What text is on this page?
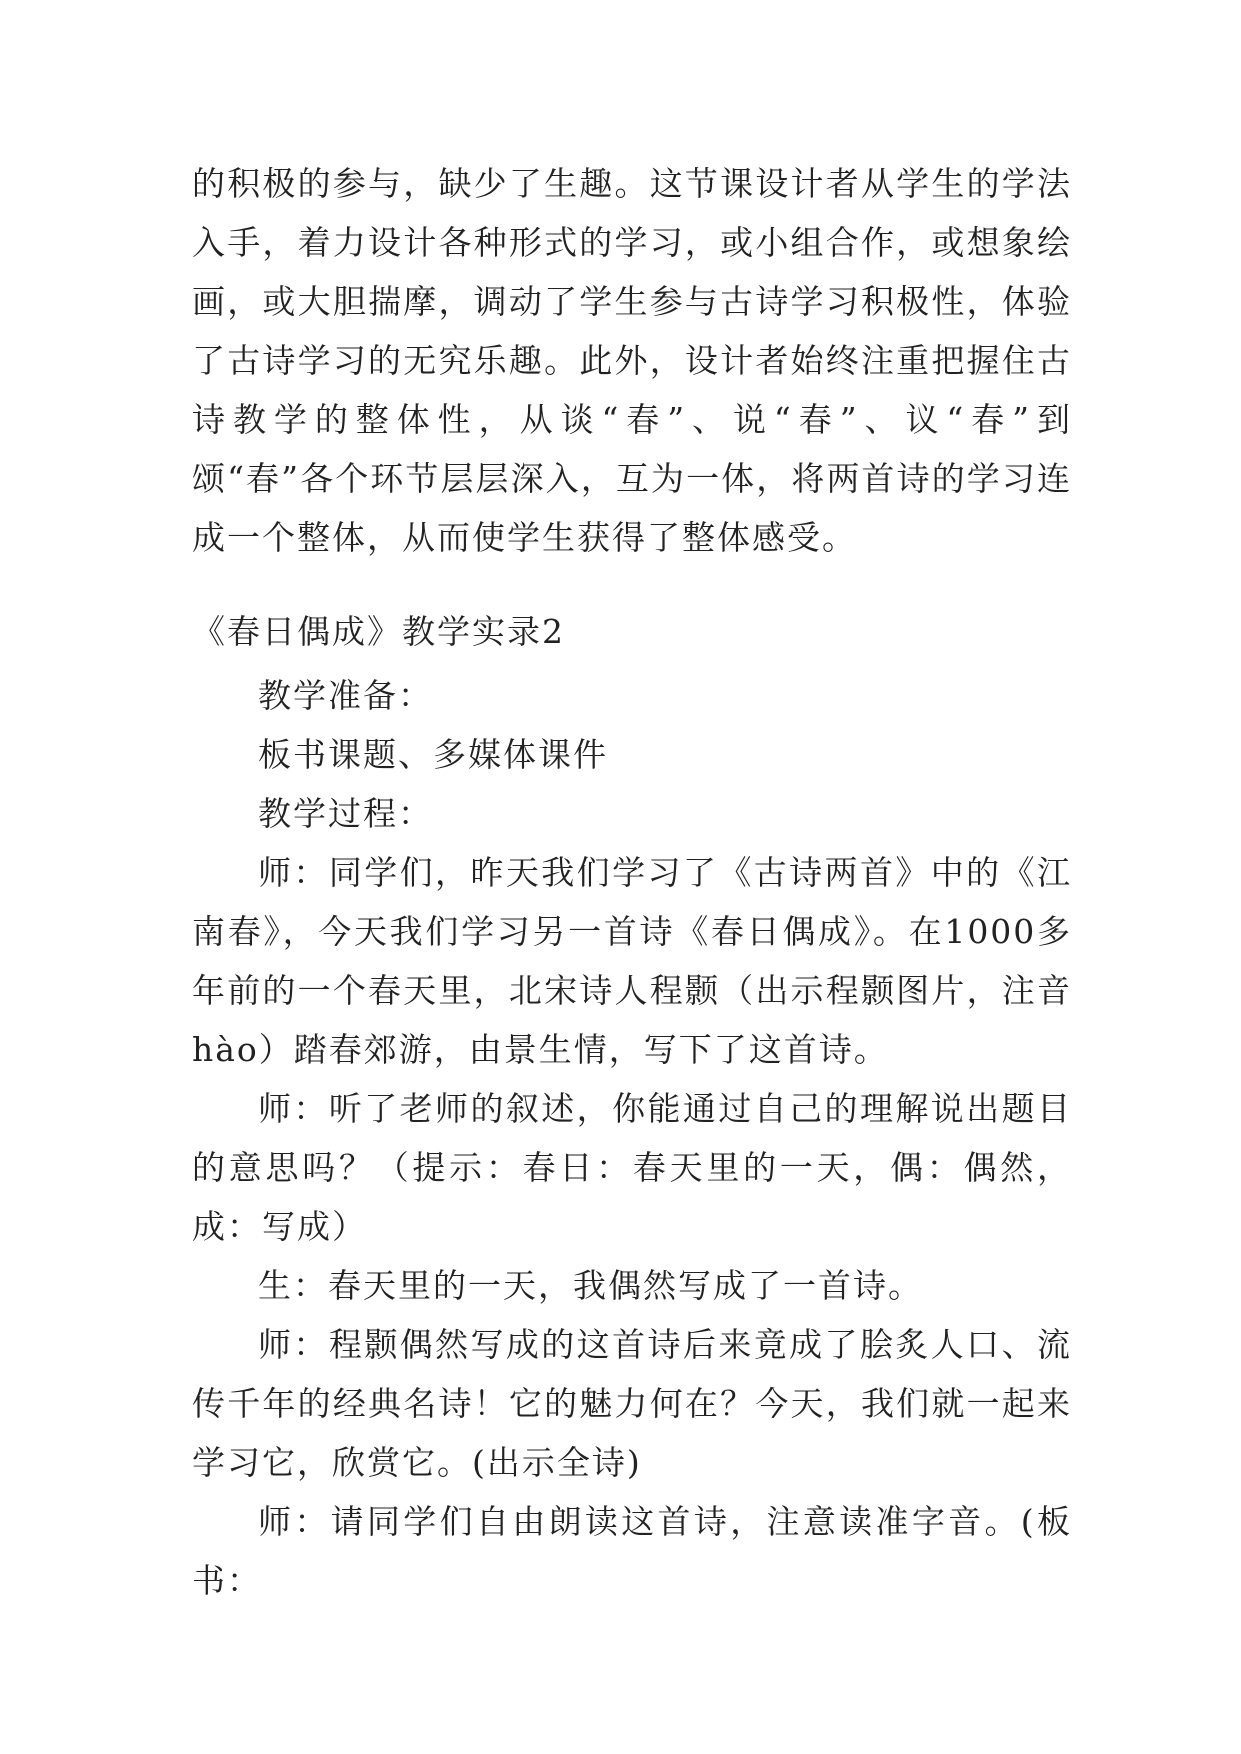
的积极的参与，缺少了生趣。这节课设计者从学生的学法入手，着力设计各种形式的学习，或小组合作，或想象绘画，或大胆揣摩，调动了学生参与古诗学习积极性，体验了古诗学习的无究乐趣。此外，设计者始终注重把握住古诗教学的整体性，从谈“春”、说“春”、议“春”到颂“春”各个环节层层深入，互为一体，将两首诗的学习连成一个整体，从而使学生获得了整体感受。

《春日偶成》教学实录2

教学准备：

板书课题、多媒体课件

教学过程：

师：同学们，昨天我们学习了《古诗两首》中的《江南春》，今天我们学习另一首诗《春日偶成》。在1000多年前的一个春天里，北宋诗人程颢（出示程颢图片，注音hào）踏春郊游，由景生情，写下了这首诗。

师：听了老师的叙述，你能通过自己的理解说出题目的意思吗？（提示：春日：春天里的一天，偶：偶然，成：写成）

生：春天里的一天，我偶然写成了一首诗。

师：程颢偶然写成的这首诗后来竟成了脍炙人口、流传千年的经典名诗！它的魅力何在？今天，我们就一起来学习它，欣赏它。(出示全诗)

师：请同学们自由朗读这首诗，注意读准字音。(板书：
